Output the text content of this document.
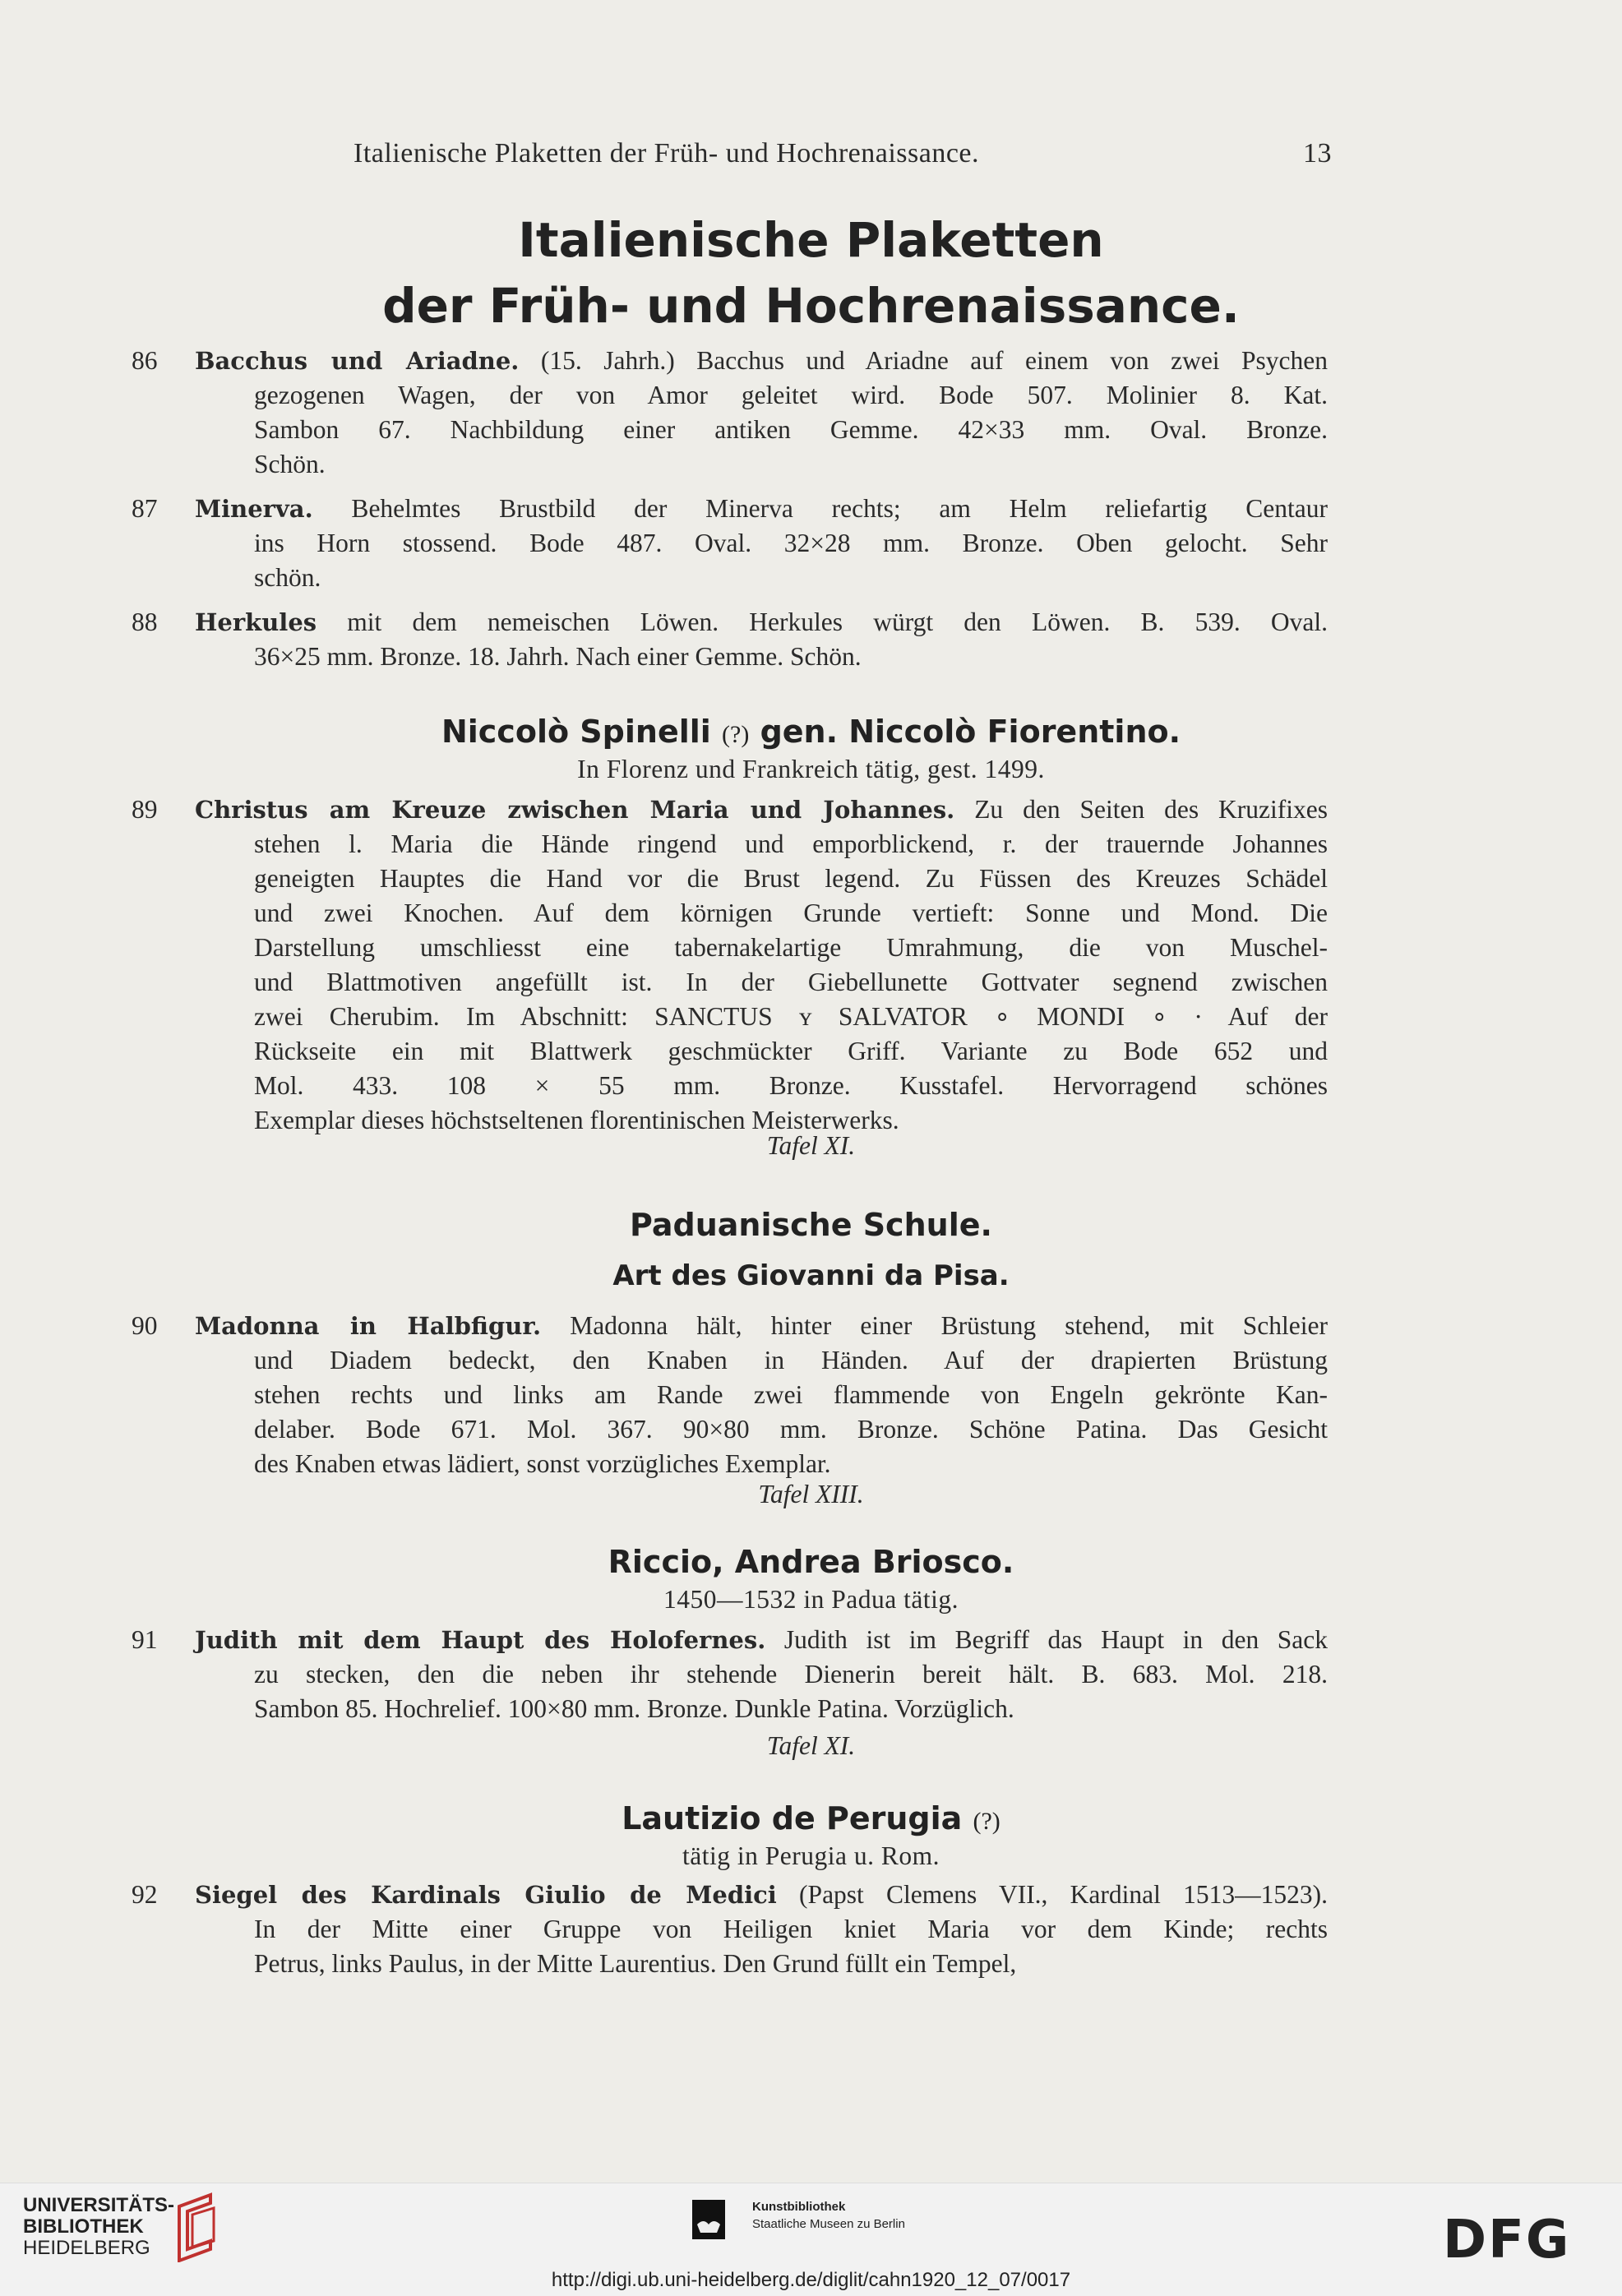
Italienische Plaketten der Früh- und Hochrenaissance.	13
Italienische Plaketten
der Früh- und Hochrenaissance.
86	Bacchus und Ariadne. (15. Jahrh.) Bacchus und Ariadne auf einem von zwei Psychen
gezogenen Wagen, der von Amor geleitet wird. Bode 507. Molinier 8. Kat.
Sambon 67. Nachbildung einer antiken Gemme. 42×33 mm. Oval. Bronze.
Schön.
87	Minerva. Behelmtes Brustbild der Minerva rechts; am Helm reliefartig Centaur
ins Horn stossend. Bode 487. Oval. 32×28 mm. Bronze. Oben gelocht. Sehr
schön.
88	Herkules mit dem nemeischen Löwen. Herkules würgt den Löwen. B. 539. Oval.
36×25 mm. Bronze. 18. Jahrh. Nach einer Gemme. Schön.
Niccolò Spinelli (?) gen. Niccolò Fiorentino.
In Florenz und Frankreich tätig, gest. 1499.
89	Christus am Kreuze zwischen Maria und Johannes. Zu den Seiten des Kruzifixes
stehen l. Maria die Hände ringend und emporblickend, r. der trauernde Johannes
geneigten Hauptes die Hand vor die Brust legend. Zu Füssen des Kreuzes Schädel
und zwei Knochen. Auf dem körnigen Grunde vertieft: Sonne und Mond. Die
Darstellung umschliesst eine tabernakelartige Umrahmung, die von Muschel-
und Blattmotiven angefüllt ist. In der Giebellunette Gottvater segnend zwischen
zwei Cherubim. Im Abschnitt: SANCTUS ʏ SALVATOR ∘ MONDI ∘ · Auf der
Rückseite ein mit Blattwerk geschmückter Griff. Variante zu Bode 652 und
Mol. 433. 108 × 55 mm. Bronze. Kusstafel. Hervorragend schönes
Exemplar dieses höchstseltenen florentinischen Meisterwerks.
Tafel XI.
Paduanische Schule.
Art des Giovanni da Pisa.
90	Madonna in Halbfigur. Madonna hält, hinter einer Brüstung stehend, mit Schleier
und Diadem bedeckt, den Knaben in Händen. Auf der drapierten Brüstung
stehen rechts und links am Rande zwei flammende von Engeln gekrönte Kan-
delaber. Bode 671. Mol. 367. 90×80 mm. Bronze. Schöne Patina. Das Gesicht
des Knaben etwas lädiert, sonst vorzügliches Exemplar.
Tafel XIII.
Riccio, Andrea Briosco.
1450—1532 in Padua tätig.
91	Judith mit dem Haupt des Holofernes. Judith ist im Begriff das Haupt in den Sack
zu stecken, den die neben ihr stehende Dienerin bereit hält. B. 683. Mol. 218.
Sambon 85. Hochrelief. 100×80 mm. Bronze. Dunkle Patina. Vorzüglich.
Tafel XI.
Lautizio de Perugia (?)
tätig in Perugia u. Rom.
92	Siegel des Kardinals Giulio de Medici (Papst Clemens VII., Kardinal 1513—1523).
In der Mitte einer Gruppe von Heiligen kniet Maria vor dem Kinde; rechts
Petrus, links Paulus, in der Mitte Laurentius. Den Grund füllt ein Tempel,
UNIVERSITÄTS-
BIBLIOTHEK
HEIDELBERG
Kunstbibliothek
Staatliche Museen zu Berlin	DFG
http://digi.ub.uni-heidelberg.de/diglit/cahn1920_12_07/0017
